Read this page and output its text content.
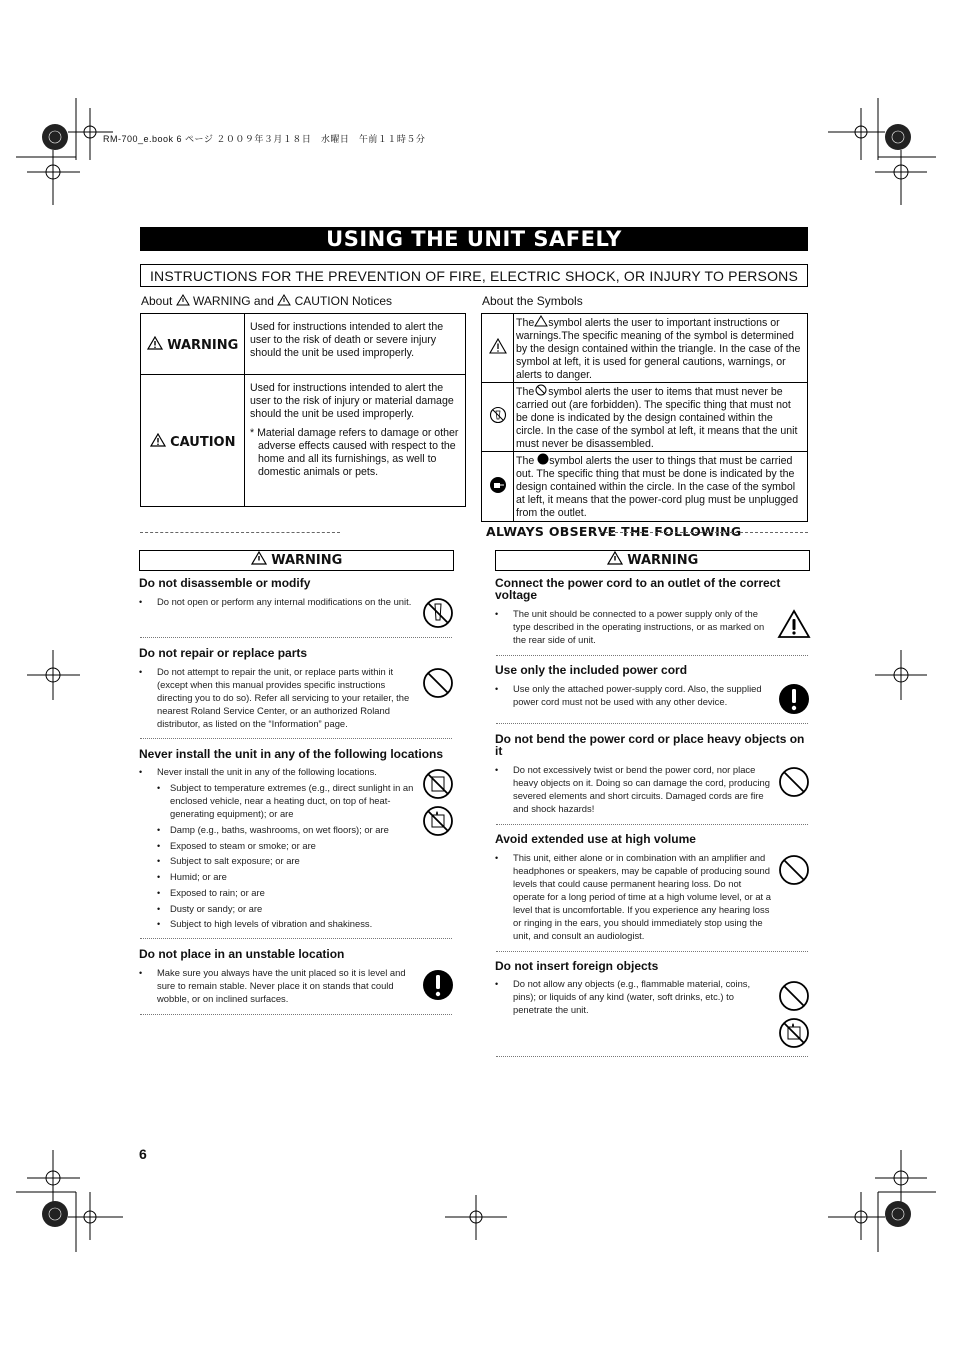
RM-700_e.book 6 ページ ２００９年３月１８日　水曜日　午前１１時５分
USING THE UNIT SAFELY
INSTRUCTIONS FOR THE PREVENTION OF FIRE, ELECTRIC SHOCK, OR INJURY TO PERSONS
About WARNING and CAUTION Notices	About the Symbols
WARNING	Used for instructions intended to alert the user to the risk of death or severe injury should the unit be used improperly.
CAUTION	Used for instructions intended to alert the user to the risk of injury or material damage should the unit be used improperly.
* Material damage refers to damage or other adverse effects caused with respect to the home and all its furnishings, as well to domestic animals or pets.
	The symbol alerts the user to important instructions or warnings.The specific meaning of the symbol is determined by the design contained within the triangle. In the case of the symbol at left, it is used for general cautions, warnings, or alerts to danger.
	The symbol alerts the user to items that must never be carried out (are forbidden). The specific thing that must not be done is indicated by the design contained within the circle. In the case of the symbol at left, it means that the unit must never be disassembled.
	The symbol alerts the user to things that must be carried out. The specific thing that must be done is indicated by the design contained within the circle. In the case of the symbol at left, it means that the power-cord plug must be unplugged from the outlet.
ALWAYS OBSERVE THE FOLLOWING
WARNING	WARNING
Do not disassemble or modify
• Do not open or perform any internal modifications on the unit.
Do not repair or replace parts
• Do not attempt to repair the unit, or replace parts within it (except when this manual provides specific instructions directing you to do so). Refer all servicing to your retailer, the nearest Roland Service Center, or an authorized Roland distributor, as listed on the “Information” page.
Never install the unit in any of the following locations
• Never install the unit in any of the following locations.
• Subject to temperature extremes (e.g., direct sunlight in an enclosed vehicle, near a heating duct, on top of heat-generating equipment); or are
• Damp (e.g., baths, washrooms, on wet floors); or are
• Exposed to steam or smoke; or are
• Subject to salt exposure; or are
• Humid; or are
• Exposed to rain; or are
• Dusty or sandy; or are
• Subject to high levels of vibration and shakiness.
Do not place in an unstable location
• Make sure you always have the unit placed so it is level and sure to remain stable. Never place it on stands that could wobble, or on inclined surfaces.
Connect the power cord to an outlet of the correct voltage
• The unit should be connected to a power supply only of the type described in the operating instructions, or as marked on the rear side of unit.
Use only the included power cord
• Use only the attached power-supply cord. Also, the supplied power cord must not be used with any other device.
Do not bend the power cord or place heavy objects on it
• Do not excessively twist or bend the power cord, nor place heavy objects on it. Doing so can damage the cord, producing severed elements and short circuits. Damaged cords are fire and shock hazards!
Avoid extended use at high volume
• This unit, either alone or in combination with an amplifier and headphones or speakers, may be capable of producing sound levels that could cause permanent hearing loss. Do not operate for a long period of time at a high volume level, or at a level that is uncomfortable. If you experience any hearing loss or ringing in the ears, you should immediately stop using the unit, and consult an audiologist.
Do not insert foreign objects
• Do not allow any objects (e.g., flammable material, coins, pins); or liquids of any kind (water, soft drinks, etc.) to penetrate the unit.
6
